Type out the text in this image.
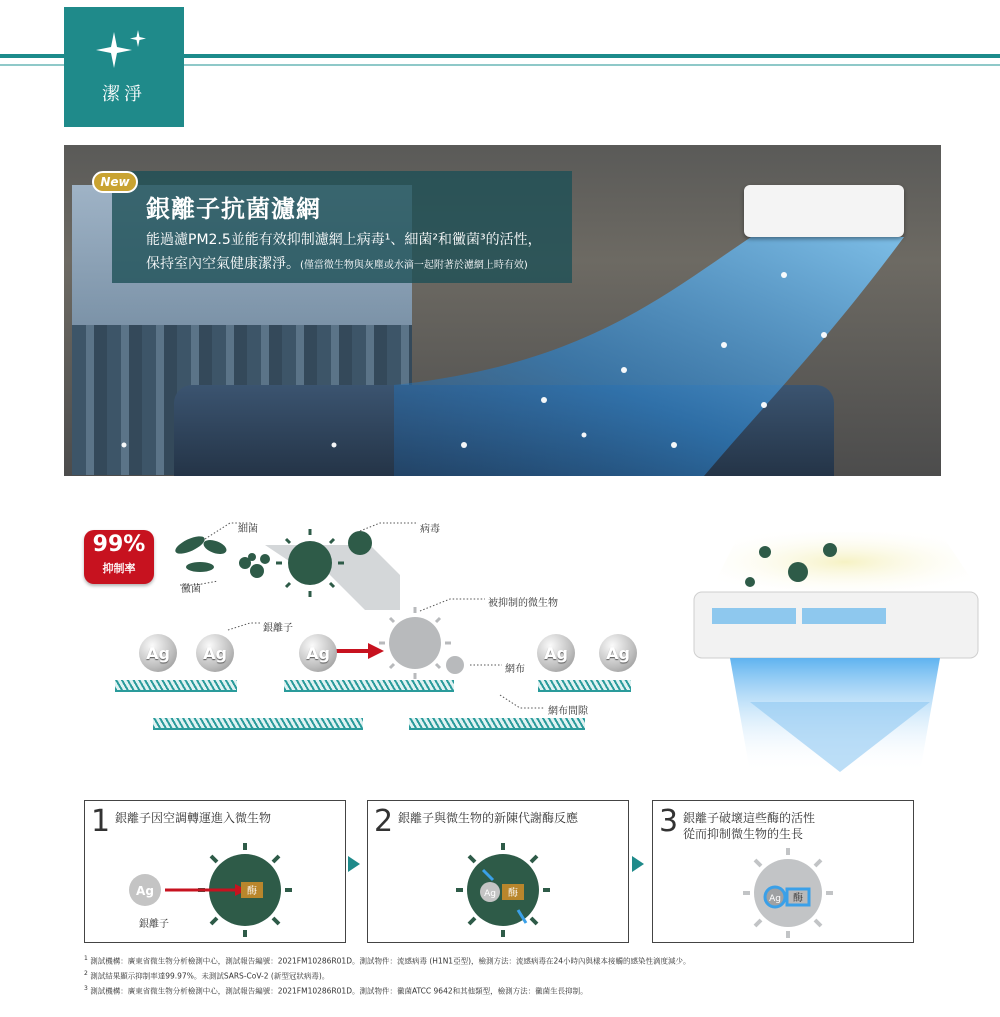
潔淨
New
銀離子抗菌濾網
能過濾PM2.5並能有效抑制濾網上病毒¹、細菌²和黴菌³的活性，
保持室內空氣健康潔淨。(僅當微生物與灰塵或水滴一起附著於濾網上時有效)
99%
抑制率
細菌	病毒
黴菌
銀離子
被抑制的微生物
網布
網布間隙
Ag	Ag	Ag	Ag	Ag
1 銀離子因空調轉運進入微生物
酶
Ag
銀離子
2 銀離子與微生物的新陳代謝酶反應
Ag 酶
3 銀離子破壞這些酶的活性
從而抑制微生物的生長
Ag 酶
$^1$ 測試機構：廣東省微生物分析檢測中心，測試報告編號：2021FM10286R01D。測試物件：流感病毒 (H1N1亞型)，檢測方法：流感病毒在24小時內與樣本接觸的感染性滴度減少。
$^2$ 測試結果顯示抑制率達99.97%。未測試SARS-CoV-2 (新型冠狀病毒)。
$^3$ 測試機構：廣東省微生物分析檢測中心，測試報告編號：2021FM10286R01D。測試物件：黴菌ATCC 9642和其他類型，檢測方法：黴菌生長抑制。
